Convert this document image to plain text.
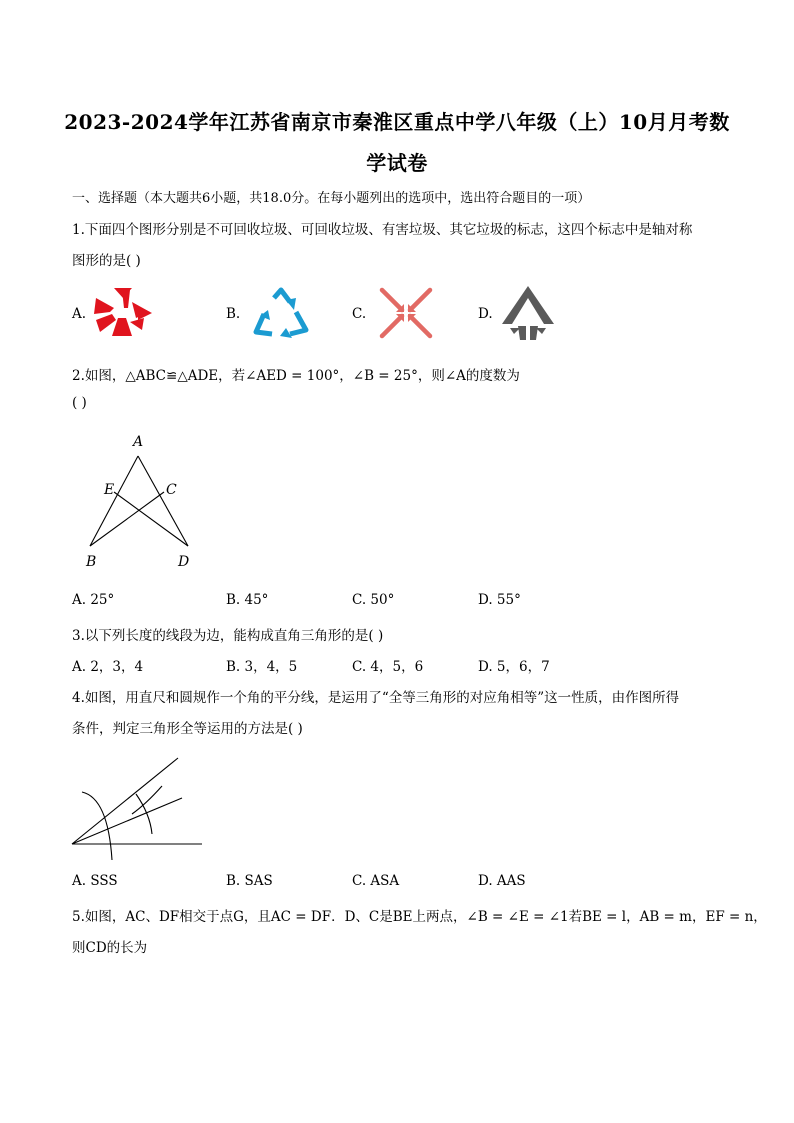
2023-2024学年江苏省南京市秦淮区重点中学八年级（上）10月月考数
学试卷
一、选择题（本大题共6小题，共18.0分。在每小题列出的选项中，选出符合题目的一项）
1.下面四个图形分别是不可回收垃圾、可回收垃圾、有害垃圾、其它垃圾的标志，这四个标志中是轴对称
图形的是( )
A.	B.	C.	D.
2.如图，△ABC≌△ADE，若∠AED = 100°，∠B = 25°，则∠A的度数为
( )
A
E	C
B	D
A. 25°	B. 45°	C. 50°	D. 55°
3.以下列长度的线段为边，能构成直角三角形的是( )
A. 2，3，4	B. 3，4，5	C. 4，5，6	D. 5，6，7
4.如图，用直尺和圆规作一个角的平分线，是运用了“全等三角形的对应角相等”这一性质，由作图所得
条件，判定三角形全等运用的方法是( )
A. SSS	B. SAS	C. ASA	D. AAS
5.如图，AC、DF相交于点G，且AC = DF．D、C是BE上两点，∠B = ∠E = ∠1若BE = l，AB = m，EF = n，
则CD的长为
